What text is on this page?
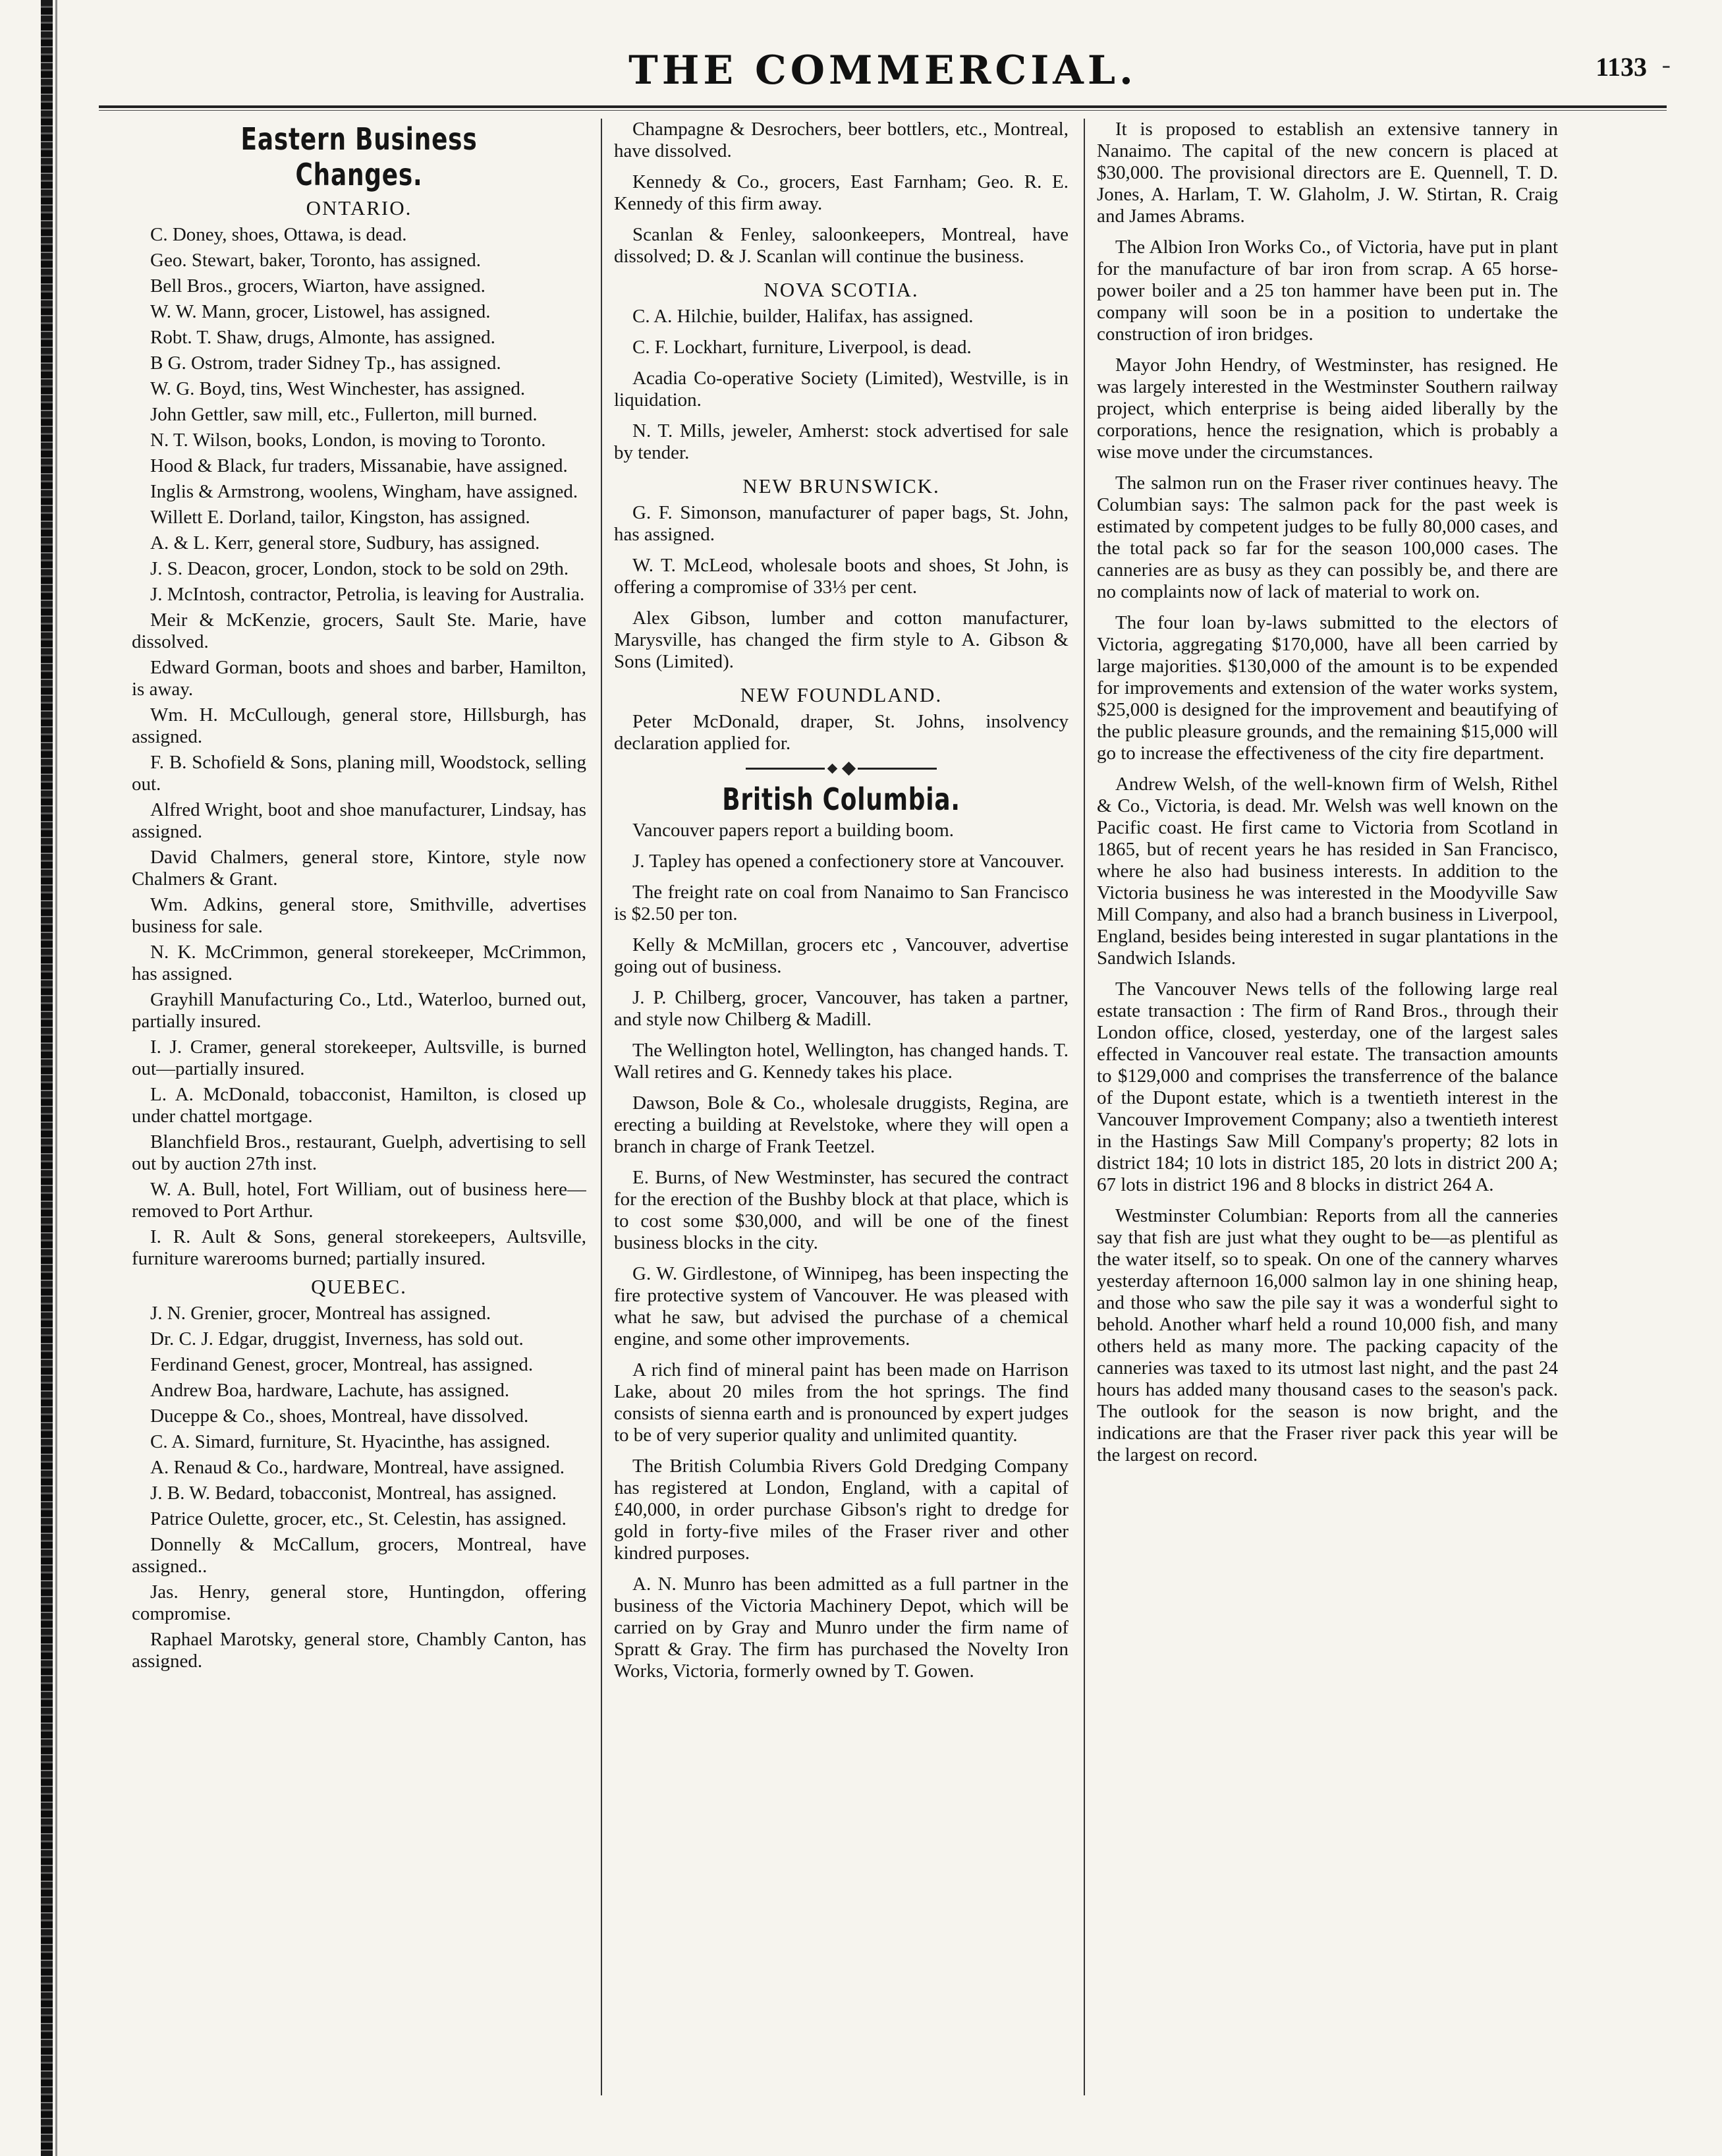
THE COMMERCIAL.	1133 -
Eastern Business Changes.
ONTARIO.

C. Doney, shoes, Ottawa, is dead.

Geo. Stewart, baker, Toronto, has assigned.

Bell Bros., grocers, Wiarton, have assigned.

W. W. Mann, grocer, Listowel, has assigned.

Robt. T. Shaw, drugs, Almonte, has assigned.

B G. Ostrom, trader Sidney Tp., has assigned.

W. G. Boyd, tins, West Winchester, has assigned.

John Gettler, saw mill, etc., Fullerton, mill burned.

N. T. Wilson, books, London, is moving to Toronto.

Hood & Black, fur traders, Missanabie, have assigned.

Inglis & Armstrong, woolens, Wingham, have assigned.

Willett E. Dorland, tailor, Kingston, has assigned.

A. & L. Kerr, general store, Sudbury, has assigned.

J. S. Deacon, grocer, London, stock to be sold on 29th.

J. McIntosh, contractor, Petrolia, is leaving for Australia.

Meir & McKenzie, grocers, Sault Ste. Marie, have dissolved.

Edward Gorman, boots and shoes and barber, Hamilton, is away.

Wm. H. McCullough, general store, Hillsburgh, has assigned.

F. B. Schofield & Sons, planing mill, Woodstock, selling out.

Alfred Wright, boot and shoe manufacturer, Lindsay, has assigned.

David Chalmers, general store, Kintore, style now Chalmers & Grant.

Wm. Adkins, general store, Smithville, advertises business for sale.

N. K. McCrimmon, general storekeeper, McCrimmon, has assigned.

Grayhill Manufacturing Co., Ltd., Waterloo, burned out, partially insured.

I. J. Cramer, general storekeeper, Aultsville, is burned out—partially insured.

L. A. McDonald, tobacconist, Hamilton, is closed up under chattel mortgage.

Blanchfield Bros., restaurant, Guelph, advertising to sell out by auction 27th inst.

W. A. Bull, hotel, Fort William, out of business here—removed to Port Arthur.

I. R. Ault & Sons, general storekeepers, Aultsville, furniture warerooms burned; partially insured.

QUEBEC.

J. N. Grenier, grocer, Montreal has assigned.

Dr. C. J. Edgar, druggist, Inverness, has sold out.

Ferdinand Genest, grocer, Montreal, has assigned.

Andrew Boa, hardware, Lachute, has assigned.

Duceppe & Co., shoes, Montreal, have dissolved.

C. A. Simard, furniture, St. Hyacinthe, has assigned.

A. Renaud & Co., hardware, Montreal, have assigned.

J. B. W. Bedard, tobacconist, Montreal, has assigned.

Patrice Oulette, grocer, etc., St. Celestin, has assigned.

Donnelly & McCallum, grocers, Montreal, have assigned..

Jas. Henry, general store, Huntingdon, offering compromise.

Raphael Marotsky, general store, Chambly Canton, has assigned.

Champagne & Desrochers, beer bottlers, etc., Montreal, have dissolved.

Kennedy & Co., grocers, East Farnham; Geo. R. E. Kennedy of this firm away.

Scanlan & Fenley, saloonkeepers, Montreal, have dissolved; D. & J. Scanlan will continue the business.

NOVA SCOTIA.

C. A. Hilchie, builder, Halifax, has assigned.

C. F. Lockhart, furniture, Liverpool, is dead.

Acadia Co-operative Society (Limited), Westville, is in liquidation.

N. T. Mills, jeweler, Amherst: stock advertised for sale by tender.

NEW BRUNSWICK.

G. F. Simonson, manufacturer of paper bags, St. John, has assigned.

W. T. McLeod, wholesale boots and shoes, St John, is offering a compromise of 33⅓ per cent.

Alex Gibson, lumber and cotton manufacturer, Marysville, has changed the firm style to A. Gibson & Sons (Limited).

NEW FOUNDLAND.

Peter McDonald, draper, St. Johns, insolvency declaration applied for.

British Columbia.

Vancouver papers report a building boom.

J. Tapley has opened a confectionery store at Vancouver.

The freight rate on coal from Nanaimo to San Francisco is $2.50 per ton.

Kelly & McMillan, grocers etc , Vancouver, advertise going out of business.

J. P. Chilberg, grocer, Vancouver, has taken a partner, and style now Chilberg & Madill.

The Wellington hotel, Wellington, has changed hands. T. Wall retires and G. Kennedy takes his place.

Dawson, Bole & Co., wholesale druggists, Regina, are erecting a building at Revelstoke, where they will open a branch in charge of Frank Teetzel.

E. Burns, of New Westminster, has secured the contract for the erection of the Bushby block at that place, which is to cost some $30,000, and will be one of the finest business blocks in the city.

G. W. Girdlestone, of Winnipeg, has been inspecting the fire protective system of Vancouver. He was pleased with what he saw, but advised the purchase of a chemical engine, and some other improvements.

A rich find of mineral paint has been made on Harrison Lake, about 20 miles from the hot springs. The find consists of sienna earth and is pronounced by expert judges to be of very superior quality and unlimited quantity.

The British Columbia Rivers Gold Dredging Company has registered at London, England, with a capital of £40,000, in order purchase Gibson's right to dredge for gold in forty-five miles of the Fraser river and other kindred purposes.

A. N. Munro has been admitted as a full partner in the business of the Victoria Machinery Depot, which will be carried on by Gray and Munro under the firm name of Spratt & Gray. The firm has purchased the Novelty Iron Works, Victoria, formerly owned by T. Gowen.

It is proposed to establish an extensive tannery in Nanaimo. The capital of the new concern is placed at $30,000. The provisional directors are E. Quennell, T. D. Jones, A. Harlam, T. W. Glaholm, J. W. Stirtan, R. Craig and James Abrams.

The Albion Iron Works Co., of Victoria, have put in plant for the manufacture of bar iron from scrap. A 65 horse-power boiler and a 25 ton hammer have been put in. The company will soon be in a position to undertake the construction of iron bridges.

Mayor John Hendry, of Westminster, has resigned. He was largely interested in the Westminster Southern railway project, which enterprise is being aided liberally by the corporations, hence the resignation, which is probably a wise move under the circumstances.

The salmon run on the Fraser river continues heavy. The Columbian says: The salmon pack for the past week is estimated by competent judges to be fully 80,000 cases, and the total pack so far for the season 100,000 cases. The canneries are as busy as they can possibly be, and there are no complaints now of lack of material to work on.

The four loan by-laws submitted to the electors of Victoria, aggregating $170,000, have all been carried by large majorities. $130,000 of the amount is to be expended for improvements and extension of the water works system, $25,000 is designed for the improvement and beautifying of the public pleasure grounds, and the remaining $15,000 will go to increase the effectiveness of the city fire department.

Andrew Welsh, of the well-known firm of Welsh, Rithel & Co., Victoria, is dead. Mr. Welsh was well known on the Pacific coast. He first came to Victoria from Scotland in 1865, but of recent years he has resided in San Francisco, where he also had business interests. In addition to the Victoria business he was interested in the Moodyville Saw Mill Company, and also had a branch business in Liverpool, England, besides being interested in sugar plantations in the Sandwich Islands.

The Vancouver News tells of the following large real estate transaction : The firm of Rand Bros., through their London office, closed, yesterday, one of the largest sales effected in Vancouver real estate. The transaction amounts to $129,000 and comprises the transferrence of the balance of the Dupont estate, which is a twentieth interest in the Vancouver Improvement Company; also a twentieth interest in the Hastings Saw Mill Company's property; 82 lots in district 184; 10 lots in district 185, 20 lots in district 200 A; 67 lots in district 196 and 8 blocks in district 264 A.

Westminster Columbian: Reports from all the canneries say that fish are just what they ought to be—as plentiful as the water itself, so to speak. On one of the cannery wharves yesterday afternoon 16,000 salmon lay in one shining heap, and those who saw the pile say it was a wonderful sight to behold. Another wharf held a round 10,000 fish, and many others held as many more. The packing capacity of the canneries was taxed to its utmost last night, and the past 24 hours has added many thousand cases to the season's pack. The outlook for the season is now bright, and the indications are that the Fraser river pack this year will be the largest on record.
